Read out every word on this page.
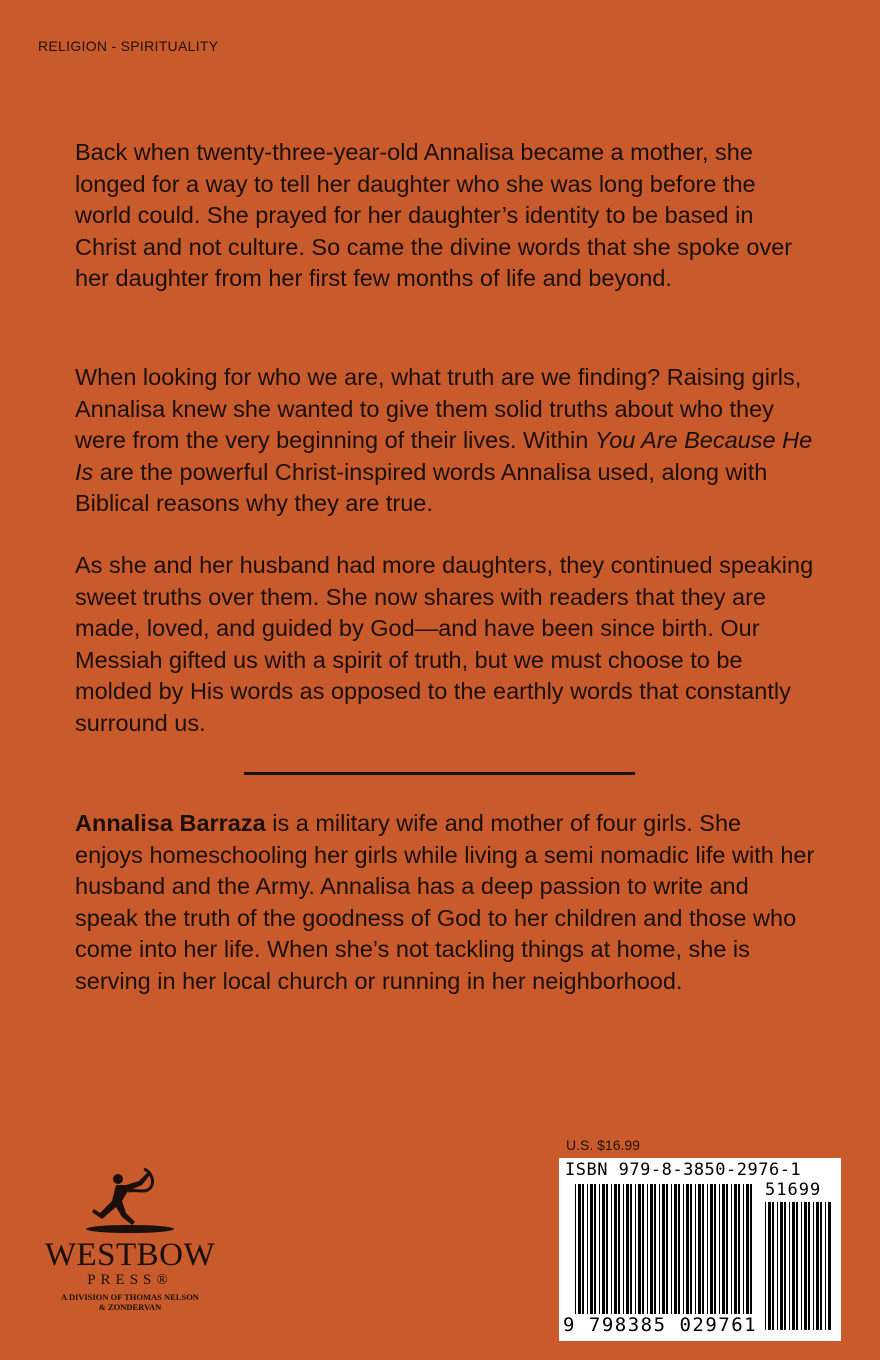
RELIGION - SPIRITUALITY

Back when twenty-three-year-old Annalisa became a mother, she longed for a way to tell her daughter who she was long before the world could. She prayed for her daughter’s identity to be based in Christ and not culture. So came the divine words that she spoke over her daughter from her first few months of life and beyond.

When looking for who we are, what truth are we finding? Raising girls, Annalisa knew she wanted to give them solid truths about who they were from the very beginning of their lives. Within You Are Because He Is are the powerful Christ-inspired words Annalisa used, along with Biblical reasons why they are true.

As she and her husband had more daughters, they continued speaking sweet truths over them. She now shares with readers that they are made, loved, and guided by God—and have been since birth. Our Messiah gifted us with a spirit of truth, but we must choose to be molded by His words as opposed to the earthly words that constantly surround us.

Annalisa Barraza is a military wife and mother of four girls. She enjoys homeschooling her girls while living a semi nomadic life with her husband and the Army. Annalisa has a deep passion to write and speak the truth of the goodness of God to her children and those who come into her life. When she’s not tackling things at home, she is serving in her local church or running in her neighborhood.

WESTBOW
PRESS®
A DIVISION OF THOMAS NELSON
& ZONDERVAN
U.S. $16.99
ISBN 979-8-3850-2976-1
51699
9 798385 029761
